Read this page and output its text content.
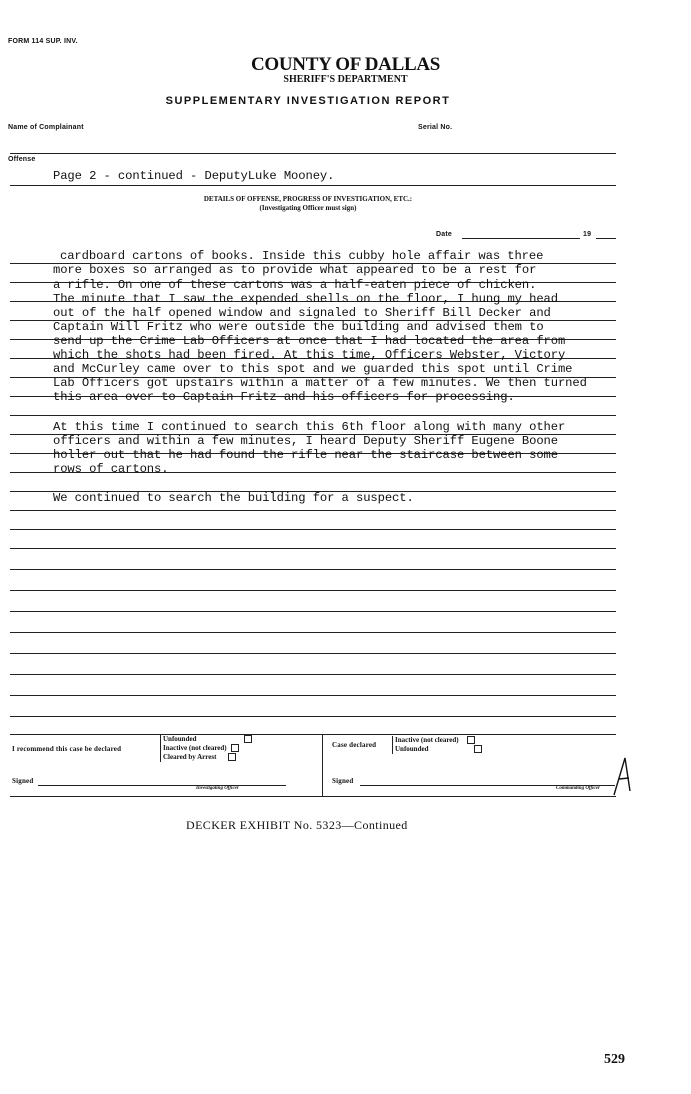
FORM 114 SUP. INV.
COUNTY OF DALLAS
SHERIFF'S DEPARTMENT
SUPPLEMENTARY INVESTIGATION REPORT
Name of Complainant	Serial No.
Offense
Page 2 - continued - DeputyLuke Mooney.
DETAILS OF OFFENSE, PROGRESS OF INVESTIGATION, ETC.:
(Investigating Officer must sign)
Date	19
cardboard cartons of books. Inside this cubby hole affair was three
more boxes so arranged as to provide what appeared to be a rest for
a rifle. On one of these cartons was a half-eaten piece of chicken.
The minute that I saw the expended shells on the floor, I hung my head
out of the half opened window and signaled to Sheriff Bill Decker and
Captain Will Fritz who were outside the building and advised them to
send up the Crime Lab Officers at once that I had located the area from
which the shots had been fired. At this time, Officers Webster, Victory
and McCurley came over to this spot and we guarded this spot until Crime
Lab Officers got upstairs within a matter of a few minutes. We then turned
this area over to Captain Fritz and his officers for processing.
At this time I continued to search this 6th floor along with many other
officers and within a few minutes, I heard Deputy Sheriff Eugene Boone
holler out that he had found the rifle near the staircase between some
rows of cartons.
We continued to search the building for a suspect.
I recommend this case be declared
Unfounded
Inactive (not cleared)
Cleared by Arrest
Case declared
Inactive (not cleared)
Unfounded
Signed
Investigating Officer
Signed
Commanding Officer
DECKER EXHIBIT No. 5323—Continued
529
